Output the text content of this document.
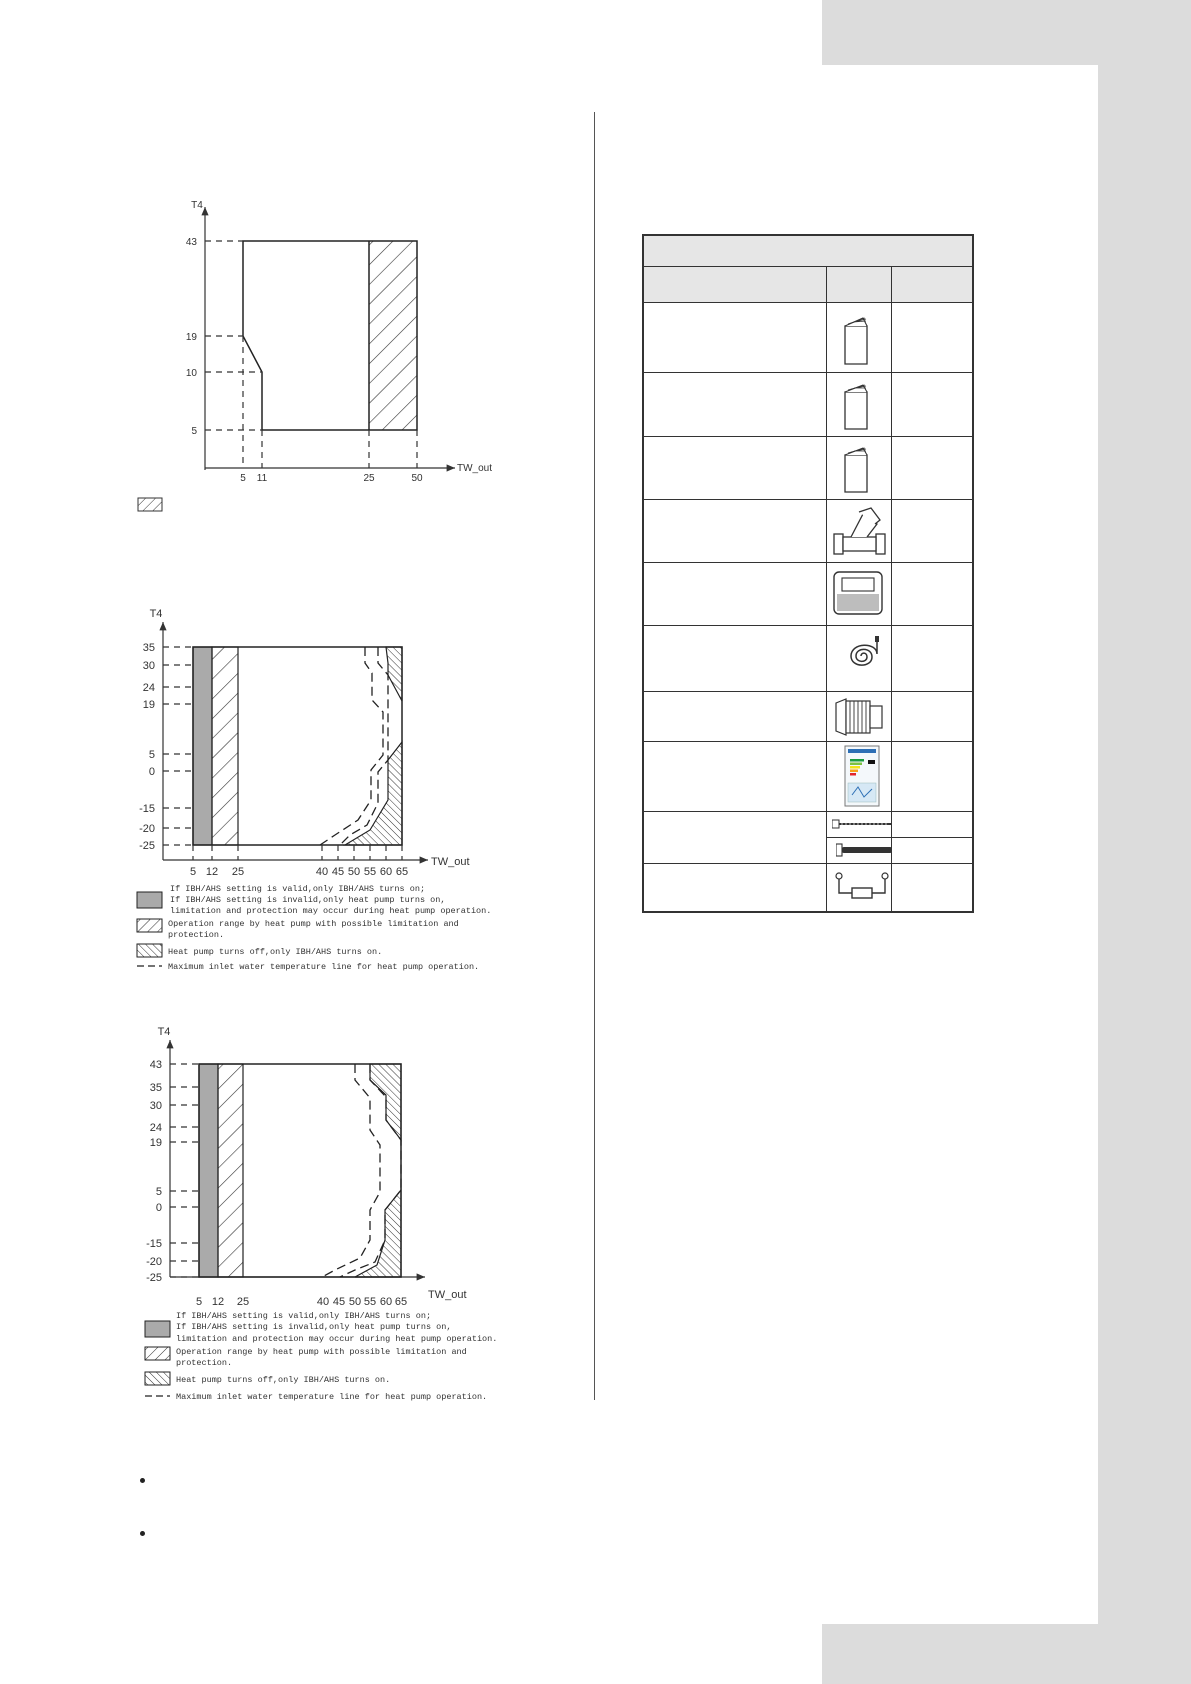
T4
TW_out
43
19
10
5
5 11	25	50
T4
TW_out
35
30
24
19
5
0
-15
-20
-25
5 12 25	40 45 50 55 60 65
If IBH/AHS setting is valid,only IBH/AHS turns on;
If IBH/AHS setting is invalid,only heat pump turns on,
limitation and protection may occur during heat pump operation.
Operation range by heat pump with possible limitation and
protection.
Heat pump turns off,only IBH/AHS turns on.
Maximum inlet water temperature line for heat pump operation.
T4
TW_out
43
35
30
24
19
5
0
-15
-20
-25
5 12 25	40 45 50 55 60 65
If IBH/AHS setting is valid,only IBH/AHS turns on;
If IBH/AHS setting is invalid,only heat pump turns on,
limitation and protection may occur during heat pump operation.
Operation range by heat pump with possible limitation and
protection.
Heat pump turns off,only IBH/AHS turns on.
Maximum inlet water temperature line for heat pump operation.
